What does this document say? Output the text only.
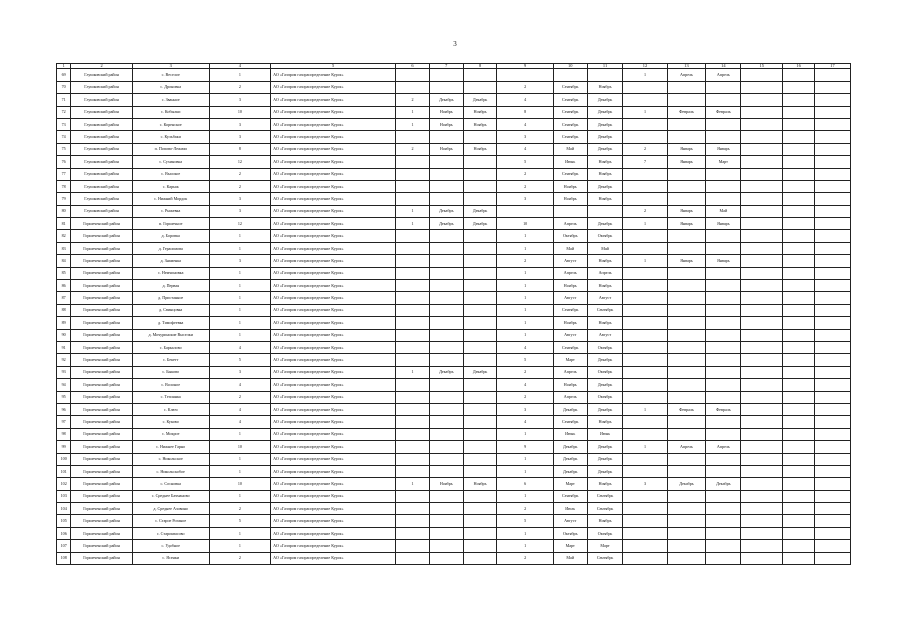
3
1	2	3	4	5	6	7	8	9	10	11	12	13	14	15	16	17
69	Глушковский район	с. Веселое	1	АО «Газпром газораспределение Курск»							1	Апрель	Апрель			
70	Глушковский район	с. Дроновка	2	АО «Газпром газораспределение Курск»				2	Сентябрь	Ноябрь						
71	Глушковский район	с. Званное	3	АО «Газпром газораспределение Курск»	2	Декабрь	Декабрь	4	Сентябрь	Декабрь						
72	Глушковский район	с. Кобылки	10	АО «Газпром газораспределение Курск»	1	Ноябрь	Ноябрь	8	Сентябрь	Декабрь	1	Февраль	Февраль			
73	Глушковский район	с. Коренское	3	АО «Газпром газораспределение Курск»	1	Ноябрь	Ноябрь	4	Сентябрь	Декабрь						
74	Глушковский район	с. Кульбаки	3	АО «Газпром газораспределение Курск»				3	Сентябрь	Декабрь						
75	Глушковский район	п. Попово-Лежачи	8	АО «Газпром газораспределение Курск»	2	Ноябрь	Ноябрь	4	Май	Декабрь	2	Январь	Январь			
76	Глушковский район	с. Сухиновка	12	АО «Газпром газораспределение Курск»				5	Июнь	Ноябрь	7	Январь	Март			
77	Глушковский район	с. Высокое	2	АО «Газпром газораспределение Курск»				2	Сентябрь	Ноябрь						
78	Глушковский район	с. Карыж	2	АО «Газпром газораспределение Курск»				2	Ноябрь	Декабрь						
79	Глушковский район	с. Нижний Мордок	3	АО «Газпром газораспределение Курск»				3	Ноябрь	Ноябрь						
80	Глушковский район	с. Рыжевка	3	АО «Газпром газораспределение Курск»	1	Декабрь	Декабрь				2	Январь	Май			
81	Горшеченский район	п. Горшечное	12	АО «Газпром газораспределение Курск»	1	Декабрь	Декабрь	10	Апрель	Декабрь	1	Январь	Январь			
82	Горшеченский район	д. Боровка	1	АО «Газпром газораспределение Курск»				1	Октябрь	Октябрь						
83	Горшеченский район	д. Герасимова	1	АО «Газпром газораспределение Курск»				1	Май	Май						
84	Горшеченский район	д. Знаменка	3	АО «Газпром газораспределение Курск»				2	Август	Ноябрь	1	Январь	Январь			
85	Горшеченский район	с. Немчиновка	1	АО «Газпром газораспределение Курск»				1	Апрель	Апрель						
86	Горшеченский район	д. Первая	1	АО «Газпром газораспределение Курск»				1	Ноябрь	Ноябрь						
87	Горшеченский район	д. Пристанное	1	АО «Газпром газораспределение Курск»				1	Август	Август						
88	Горшеченский район	д. Свинцовка	1	АО «Газпром газораспределение Курск»				1	Сентябрь	Сентябрь						
89	Горшеченский район	д. Тимофеевка	1	АО «Газпром газораспределение Курск»				1	Ноябрь	Ноябрь						
90	Горшеченский район	д. Мочуринские Выселки	1	АО «Газпром газораспределение Курск»				1	Август	Август						
91	Горшеченский район	с. Баркалово	4	АО «Газпром газораспределение Курск»				4	Сентябрь	Октябрь						
92	Горшеченский район	с. Бекетт	5	АО «Газпром газораспределение Курск»				5	Март	Декабрь						
93	Горшеченский район	с. Быково	3	АО «Газпром газораспределение Курск»	1	Декабрь	Декабрь	2	Апрель	Октябрь						
94	Горшеченский район	с. Волоное	4	АО «Газпром газораспределение Курск»				4	Ноябрь	Декабрь						
95	Горшеченский район	с. Теплянка	2	АО «Газпром газораспределение Курск»				2	Апрель	Октябрь						
96	Горшеченский район	с. Ключ	4	АО «Газпром газораспределение Курск»				3	Декабрь	Декабрь	1	Февраль	Февраль			
97	Горшеченский район	с. Куково	4	АО «Газпром газораспределение Курск»				4	Сентябрь	Ноябрь						
98	Горшеченский район	с. Мокрое	1	АО «Газпром газораспределение Курск»				1	Июнь	Июнь						
99	Горшеченский район	с. Нижнее Гарно	10	АО «Газпром газораспределение Курск»				9	Декабрь	Декабрь	1	Апрель	Апрель			
100	Горшеченский район	с. Никольское	1	АО «Газпром газораспределение Курск»				1	Декабрь	Декабрь						
101	Горшеченский район	с. Никольскобое	1	АО «Газпром газораспределение Курск»				1	Декабрь	Декабрь						
102	Горшеченский район	с. Сосновка	10	АО «Газпром газораспределение Курск»	1	Ноябрь	Ноябрь	6	Март	Ноябрь	3	Декабрь	Декабрь			
103	Горшеченский район	с. Среднее Бачманово	1	АО «Газпром газораспределение Курск»				1	Сентябрь	Сентябрь						
104	Горшеченский район	д. Среднее Азовино	2	АО «Газпром газораспределение Курск»				2	Июль	Сентябрь						
105	Горшеченский район	с. Старое Роганое	5	АО «Газпром газораспределение Курск»				5	Август	Ноябрь						
106	Горшеченский район	с. Староквасово	1	АО «Газпром газораспределение Курск»				1	Октябрь	Октябрь						
107	Горшеченский район	с. Удобное	1	АО «Газпром газораспределение Курск»				1	Март	Март						
108	Горшеченский район	с. Ясенки	2	АО «Газпром газораспределение Курск»				2	Май	Сентябрь						
